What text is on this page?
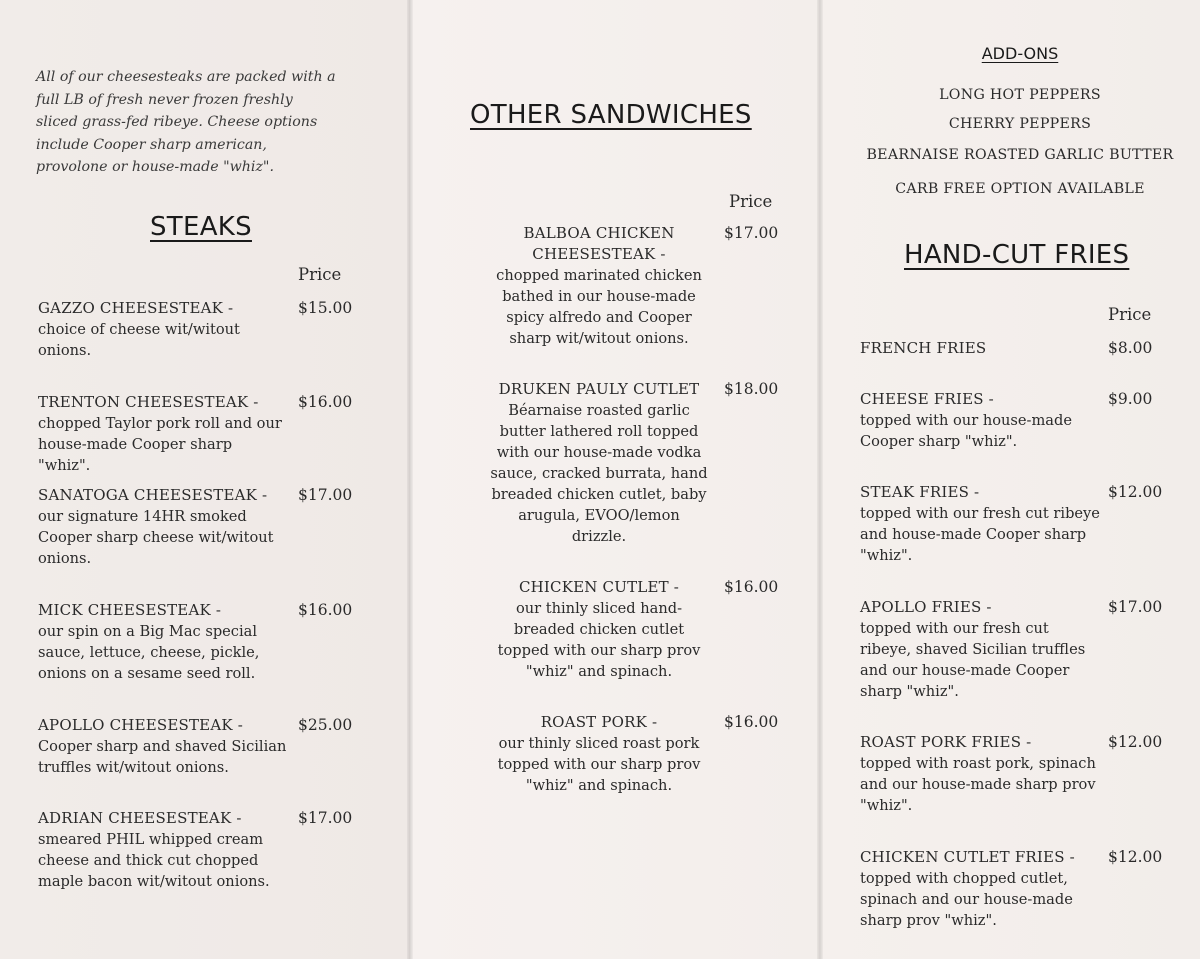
All of our cheesesteaks are packed with a full LB of fresh never frozen freshly sliced grass-fed ribeye. Cheese options include Cooper sharp american, provolone or house-made "whiz".
STEAKS
Price
GAZZO CHEESESTEAK -
choice of cheese wit/witout onions.
$15.00
TRENTON CHEESESTEAK -
chopped Taylor pork roll and our house-made Cooper sharp "whiz".
$16.00
SANATOGA CHEESESTEAK -
our signature 14HR smoked Cooper sharp cheese wit/witout onions.
$17.00
MICK CHEESESTEAK -
our spin on a Big Mac special sauce, lettuce, cheese, pickle, onions on a sesame seed roll.
$16.00
APOLLO CHEESESTEAK -
Cooper sharp and shaved Sicilian truffles wit/witout onions.
$25.00
ADRIAN CHEESESTEAK -
smeared PHIL whipped cream cheese and thick cut chopped maple bacon wit/witout onions.
$17.00
OTHER SANDWICHES
Price
BALBOA CHICKEN CHEESESTEAK -
chopped marinated chicken bathed in our house-made spicy alfredo and Cooper sharp wit/witout onions.
$17.00
DRUKEN PAULY CUTLET
Béarnaise roasted garlic butter lathered roll topped with our house-made vodka sauce, cracked burrata, hand breaded chicken cutlet, baby arugula, EVOO/lemon drizzle.
$18.00
CHICKEN CUTLET -
our thinly sliced hand-breaded chicken cutlet topped with our sharp prov "whiz" and spinach.
$16.00
ROAST PORK -
our thinly sliced roast pork topped with our sharp prov "whiz" and spinach.
$16.00
ADD-ONS
LONG HOT PEPPERS
CHERRY PEPPERS
BEARNAISE ROASTED GARLIC BUTTER
CARB FREE OPTION AVAILABLE
HAND-CUT FRIES
Price
FRENCH FRIES	$8.00
CHEESE FRIES -
topped with our house-made Cooper sharp "whiz".
$9.00
STEAK FRIES -
topped with our fresh cut ribeye and house-made Cooper sharp "whiz".
$12.00
APOLLO FRIES -
topped with our fresh cut ribeye, shaved Sicilian truffles and our house-made Cooper sharp "whiz".
$17.00
ROAST PORK FRIES -
topped with roast pork, spinach and our house-made sharp prov "whiz".
$12.00
CHICKEN CUTLET FRIES -
topped with chopped cutlet, spinach and our house-made sharp prov "whiz".
$12.00
